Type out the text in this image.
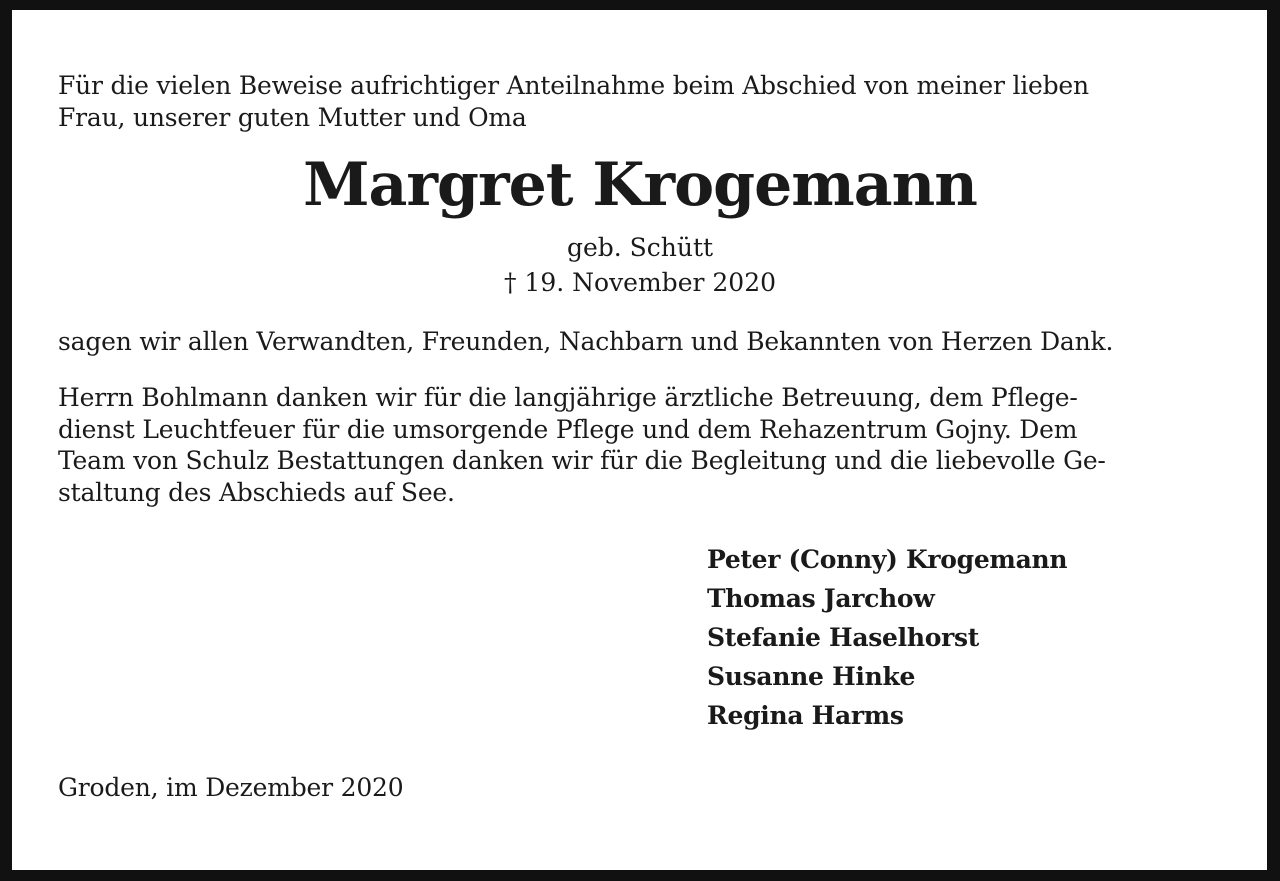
Für die vielen Beweise aufrichtiger Anteilnahme beim Abschied von meiner lieben
Frau, unserer guten Mutter und Oma

Margret Krogemann

geb. Schütt

† 19. November 2020

sagen wir allen Verwandten, Freunden, Nachbarn und Bekannten von Herzen Dank.

Herrn Bohlmann danken wir für die langjährige ärztliche Betreuung, dem Pflege-
dienst Leuchtfeuer für die umsorgende Pflege und dem Rehazentrum Gojny. Dem
Team von Schulz Bestattungen danken wir für die Begleitung und die liebevolle Ge-
staltung des Abschieds auf See.

Peter (Conny) Krogemann
Thomas Jarchow
Stefanie Haselhorst
Susanne Hinke
Regina Harms

Groden, im Dezember 2020
